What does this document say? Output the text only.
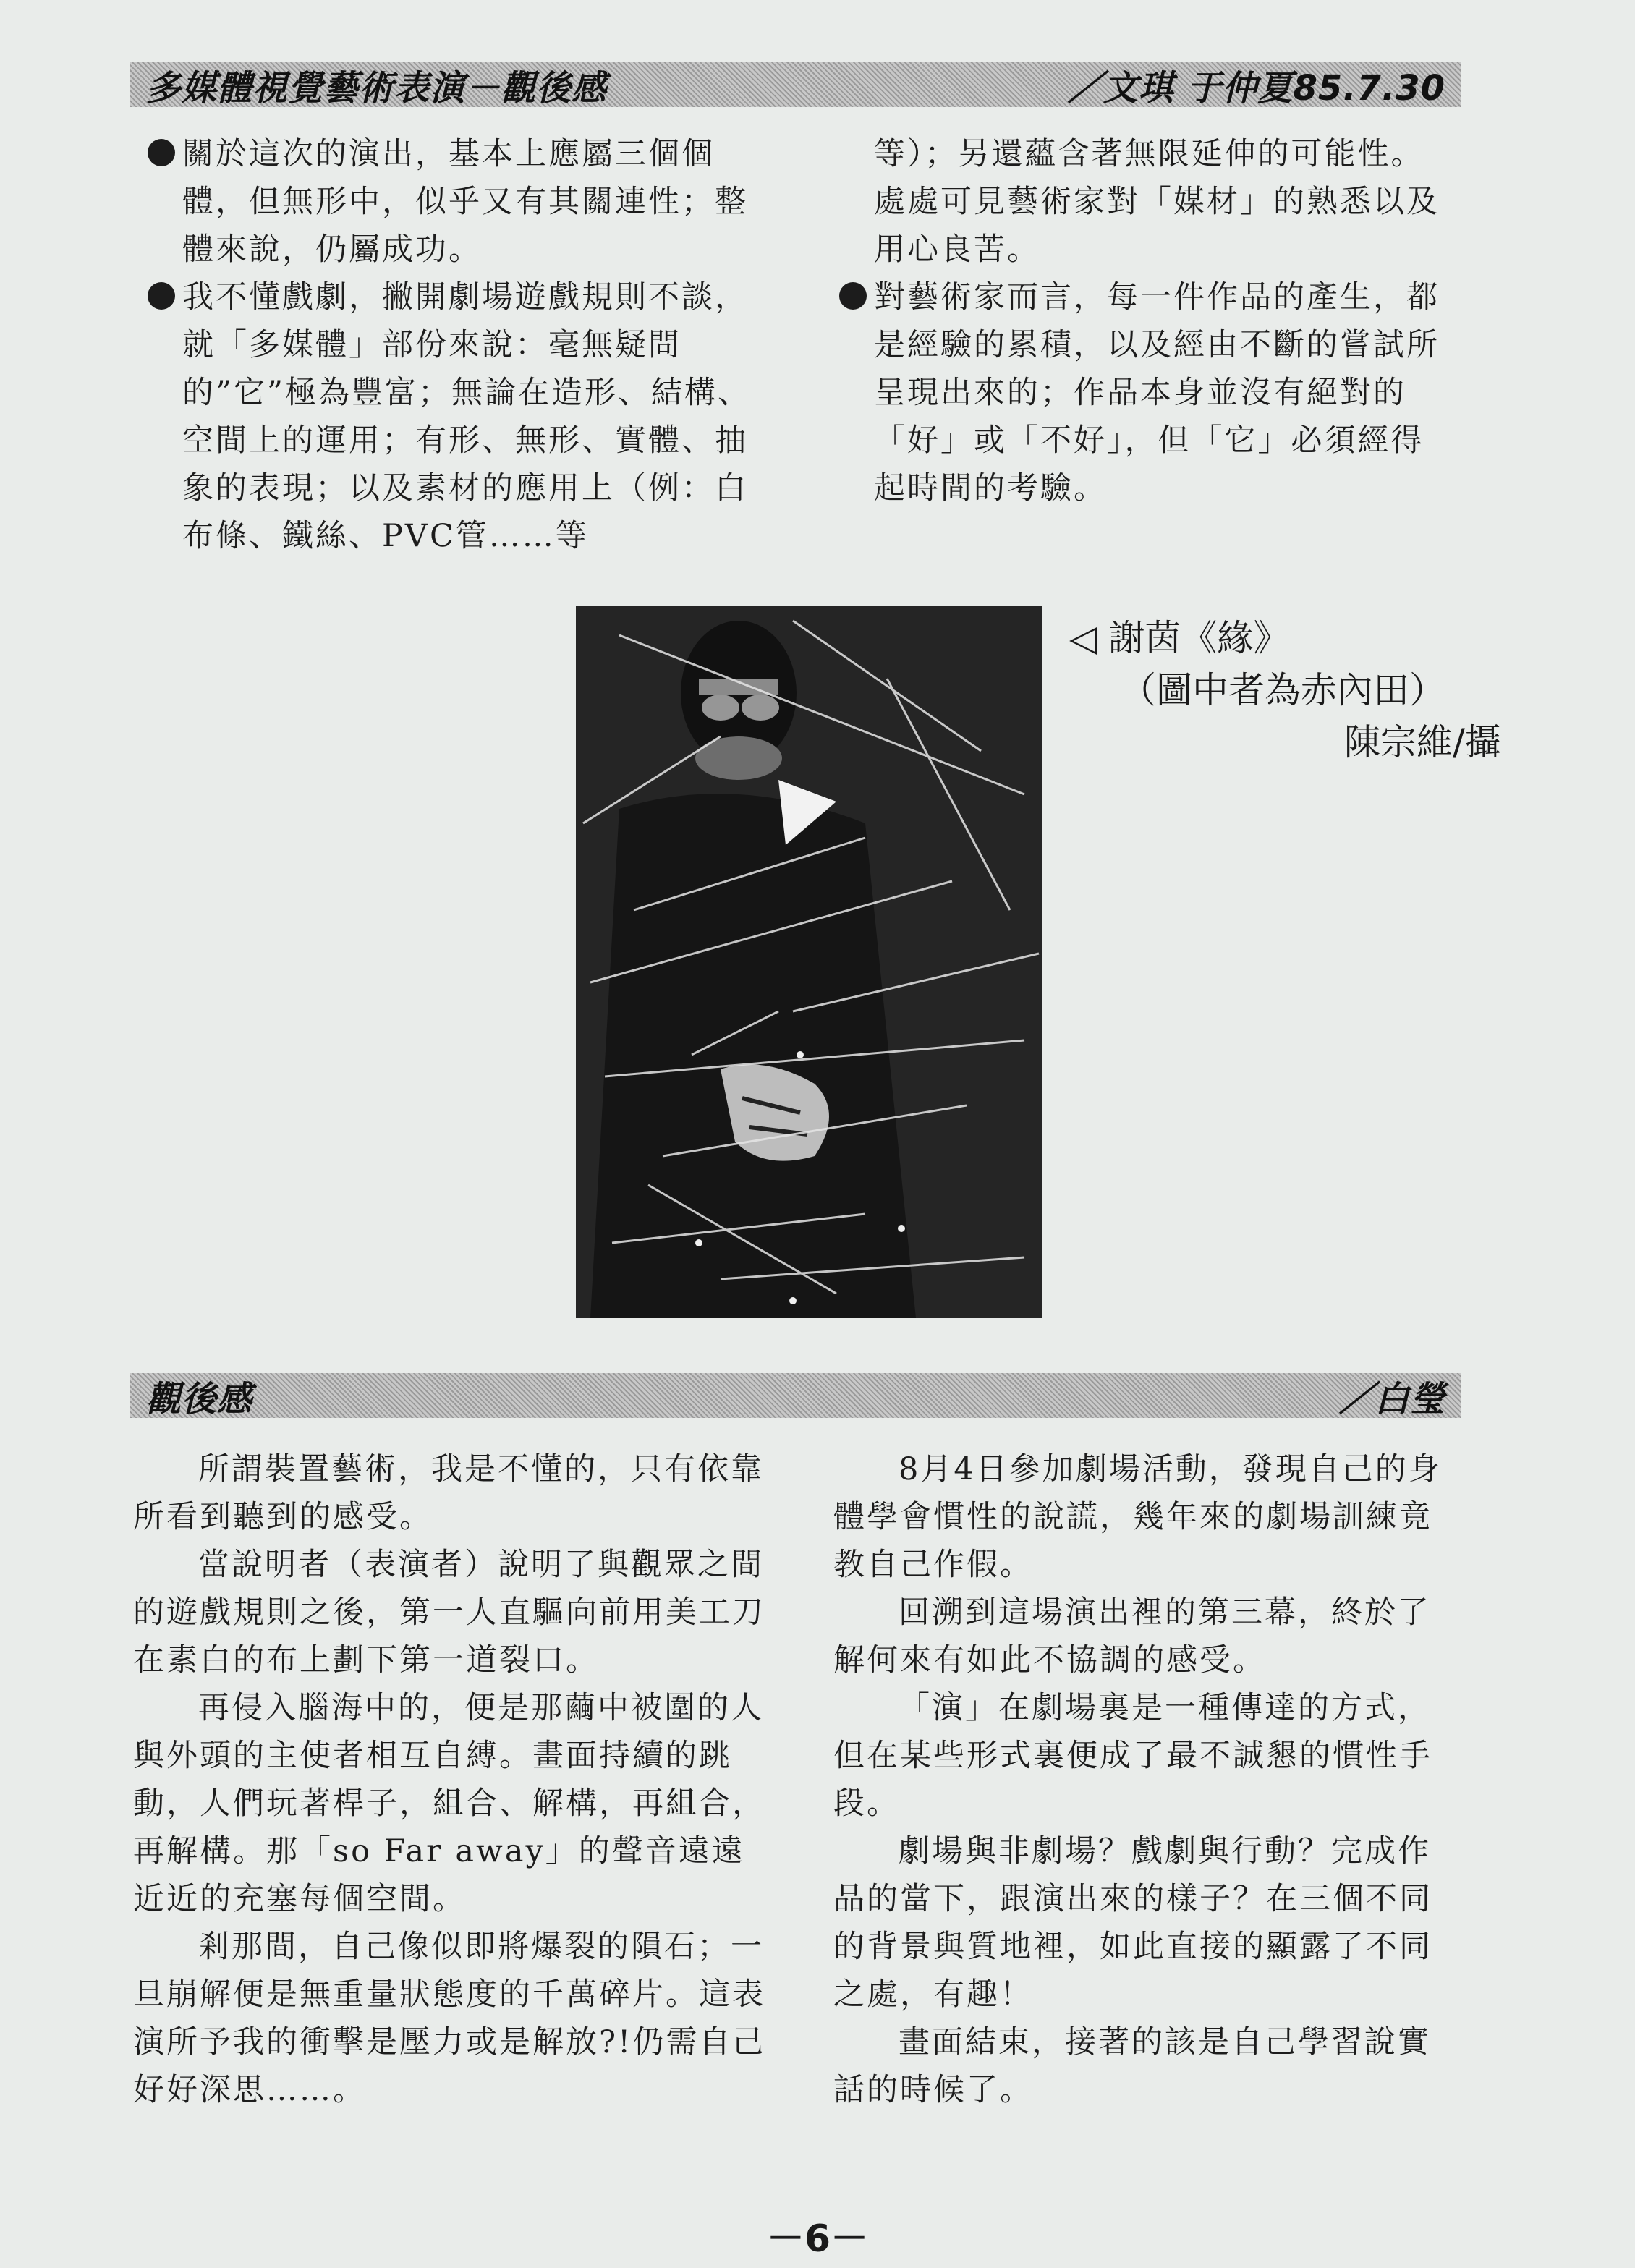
多媒體視覺藝術表演－觀後感	／文琪 于仲夏85.7.30

關於這次的演出，基本上應屬三個個體，但無形中，似乎又有其關連性；整體來說，仍屬成功。

我不懂戲劇，撇開劇場遊戲規則不談，就「多媒體」部份來說：毫無疑問的”它”極為豐富；無論在造形、結構、空間上的運用；有形、無形、實體、抽象的表現；以及素材的應用上（例：白布條、鐵絲、PVC管……等

等）；另還蘊含著無限延伸的可能性。處處可見藝術家對「媒材」的熟悉以及用心良苦。

對藝術家而言，每一件作品的產生，都是經驗的累積，以及經由不斷的嘗試所呈現出來的；作品本身並沒有絕對的「好」或「不好」，但「它」必須經得起時間的考驗。

◁ 謝茵《緣》
（圖中者為赤內田）
陳宗維/攝
觀後感	／白瑩

所謂裝置藝術，我是不懂的，只有依靠所看到聽到的感受。

當說明者（表演者）說明了與觀眾之間的遊戲規則之後，第一人直驅向前用美工刀在素白的布上劃下第一道裂口。

再侵入腦海中的，便是那繭中被圍的人與外頭的主使者相互自縛。畫面持續的跳動，人們玩著桿子，組合、解構，再組合，再解構。那「so Far away」的聲音遠遠近近的充塞每個空間。

剎那間，自己像似即將爆裂的隕石；一旦崩解便是無重量狀態度的千萬碎片。這表演所予我的衝擊是壓力或是解放?!仍需自己好好深思……。

8月4日參加劇場活動，發現自己的身體學會慣性的說謊，幾年來的劇場訓練竟教自己作假。

回溯到這場演出裡的第三幕，終於了解何來有如此不協調的感受。

「演」在劇場裏是一種傳達的方式，但在某些形式裏便成了最不誠懇的慣性手段。

劇場與非劇場？戲劇與行動？完成作品的當下，跟演出來的樣子？在三個不同的背景與質地裡，如此直接的顯露了不同之處，有趣！

畫面結束，接著的該是自己學習說實話的時候了。

－6－
